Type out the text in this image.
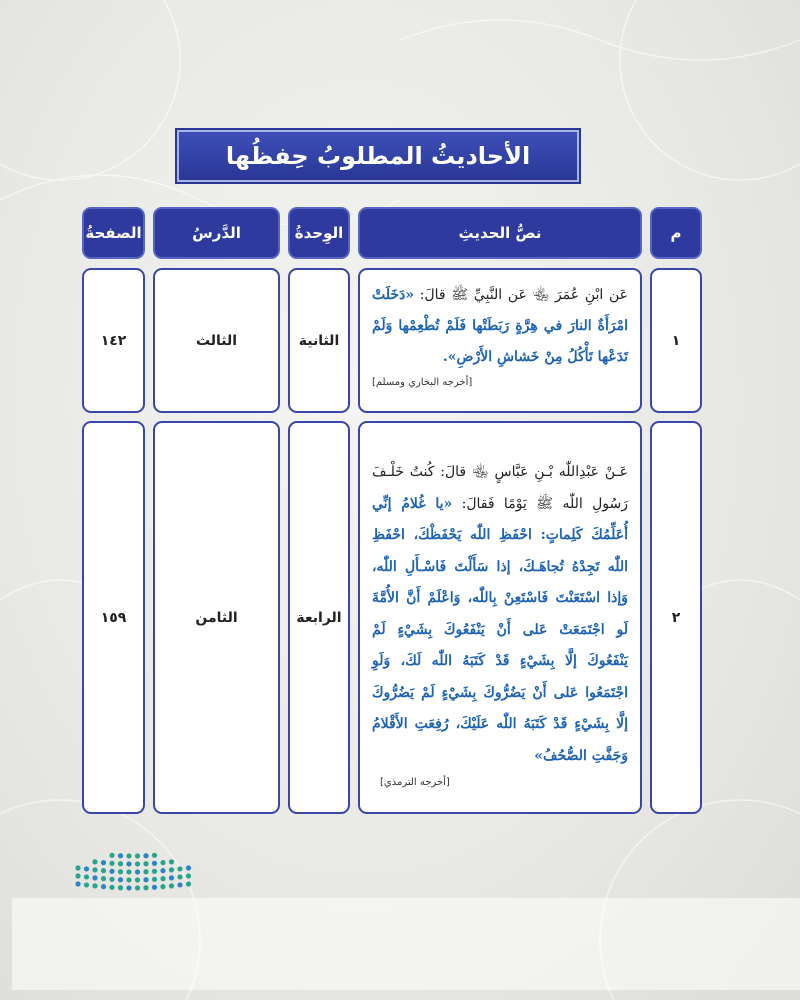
الأحاديثُ المطلوبُ حِفظُها
م
نصُّ الحديثِ
الوِحدةُ
الدَّرسُ
الصفحةُ
١
عَن ابْنِ عُمَرَ ﵄ عَن النَّبِيِّ ﷺ قالَ: «دَخَلَتْ امْرَأَةٌ النارَ في هِرَّةٍ رَبَطَتْها فَلَمْ تُطْعِمْها وَلَمْ تَدَعْها تَأْكُلُ مِنْ خَشاشِ الأَرْضِ».
[أخرجه البخاري ومسلم]
الثانية
الثالث
١٤٢
٢
عَـنْ عَبْدِاللّٰه بْـنِ عَبَّاسٍ ﵄ قالَ: كُنتُ خَلْـفَ رَسُولِ اللّٰه ﷺ يَوْمًا فَقالَ: «يا غُلامُ إنِّي أُعَلِّمُكَ كَلِماتٍ: احْفَظِ اللّٰه يَحْفَظْكَ، احْفَظِ اللّٰه تَجِدْهُ تُجاهَـكَ، إذا سَأَلْتَ فَاسْـأَلِ اللّٰه، وَإذا اسْتَعَنْتَ فَاسْتَعِنْ بِاللّٰه، وَاعْلَمْ أَنَّ الأُمَّةَ لَو اجْتَمَعَتْ عَلى أَنْ يَنْفَعُوكَ بِشَيْءٍ لَمْ يَنْفَعُوكَ إلَّا بِشَيْءٍ قَدْ كَتَبَهُ اللّٰه لَكَ، وَلَوِ اجْتَمَعُوا عَلى أَنْ يَضُرُّوكَ بِشَيْءٍ لَمْ يَضُرُّوكَ إلَّا بِشَيْءٍ قَدْ كَتَبَهُ اللّٰه عَلَيْكَ، رُفِعَتِ الأَقْلامُ وَجَفَّتِ الصُّحُفُ»
[أخرجه الترمذي]
الرابعة
الثامن
١٥٩
